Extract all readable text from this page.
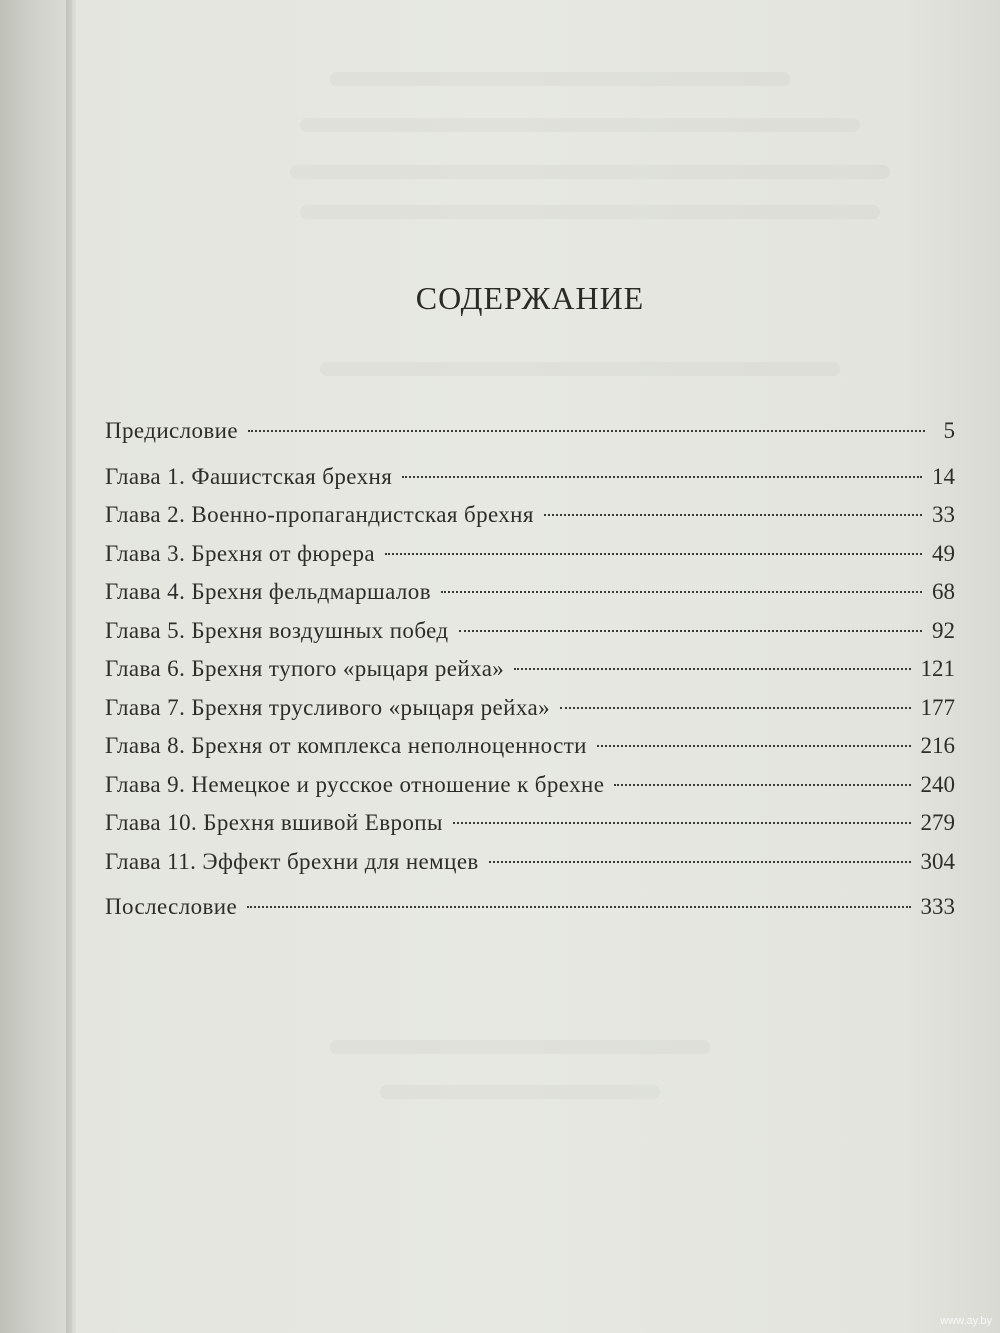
СОДЕРЖАНИЕ
Предисловие	5
Глава 1. Фашистская брехня	14
Глава 2. Военно-пропагандистская брехня	33
Глава 3. Брехня от фюрера	49
Глава 4. Брехня фельдмаршалов	68
Глава 5. Брехня воздушных побед	92
Глава 6. Брехня тупого «рыцаря рейха»	121
Глава 7. Брехня трусливого «рыцаря рейха»	177
Глава 8. Брехня от комплекса неполноценности	216
Глава 9. Немецкое и русское отношение к брехне	240
Глава 10. Брехня вшивой Европы	279
Глава 11. Эффект брехни для немцев	304
Послесловие	333
www.ay.by
